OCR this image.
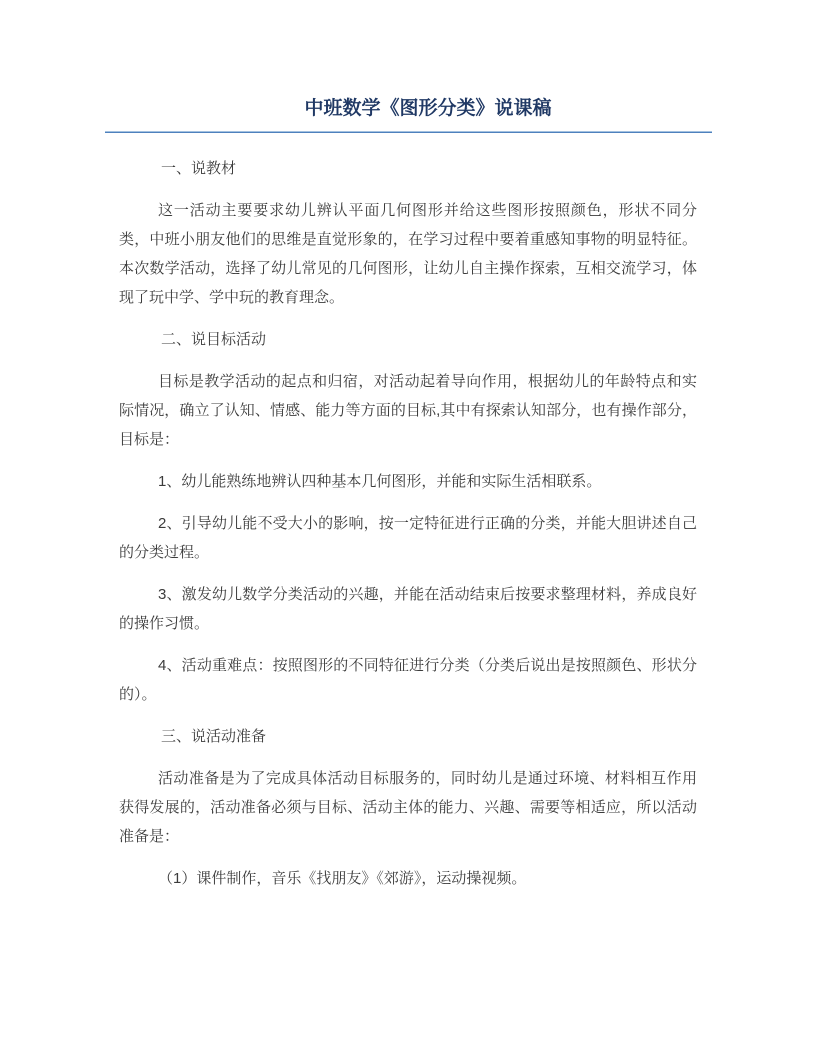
中班数学《图形分类》说课稿

一、说教材

这一活动主要要求幼儿辨认平面几何图形并给这些图形按照颜色，形状不同分类，中班小朋友他们的思维是直觉形象的，在学习过程中要着重感知事物的明显特征。本次数学活动，选择了幼儿常见的几何图形，让幼儿自主操作探索，互相交流学习，体现了玩中学、学中玩的教育理念。

二、说目标活动

目标是教学活动的起点和归宿，对活动起着导向作用，根据幼儿的年龄特点和实际情况，确立了认知、情感、能力等方面的目标,其中有探索认知部分，也有操作部分，目标是：

1、幼儿能熟练地辨认四种基本几何图形，并能和实际生活相联系。

2、引导幼儿能不受大小的影响，按一定特征进行正确的分类，并能大胆讲述自己的分类过程。

3、激发幼儿数学分类活动的兴趣，并能在活动结束后按要求整理材料，养成良好的操作习惯。

4、活动重难点：按照图形的不同特征进行分类（分类后说出是按照颜色、形状分的）。

三、说活动准备

活动准备是为了完成具体活动目标服务的，同时幼儿是通过环境、材料相互作用获得发展的，活动准备必须与目标、活动主体的能力、兴趣、需要等相适应，所以活动准备是：

（1）课件制作，音乐《找朋友》《郊游》，运动操视频。
